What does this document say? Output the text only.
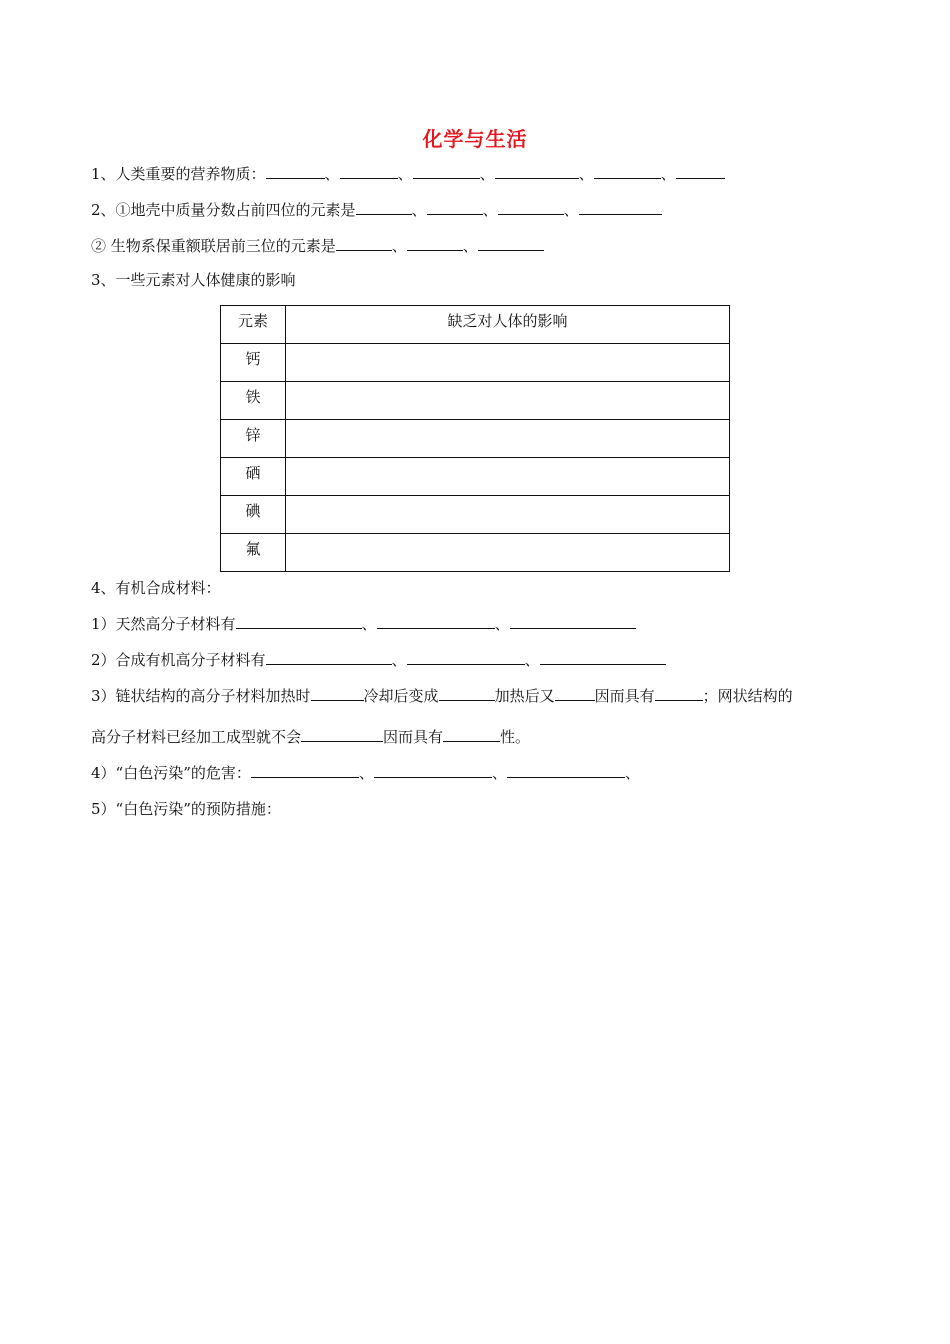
化学与生活
1、人类重要的营养物质：	、	、	、	、	、
2、①地壳中质量分数占前四位的元素是	、	、	、
② 生物系保重额联居前三位的元素是	、	、
3、一些元素对人体健康的影响
元素	缺乏对人体的影响

钙	

铁	

锌	

硒	

碘	

氟	

4、有机合成材料：
1）天然高分子材料有	、	、
2）合成有机高分子材料有	、	、
3）链状结构的高分子材料加热时	冷却后变成	加热后又	因而具有	；网状结构的
高分子材料已经加工成型就不会	因而具有	性。
4）“白色污染”的危害：	、	、	、
5）“白色污染”的预防措施：
